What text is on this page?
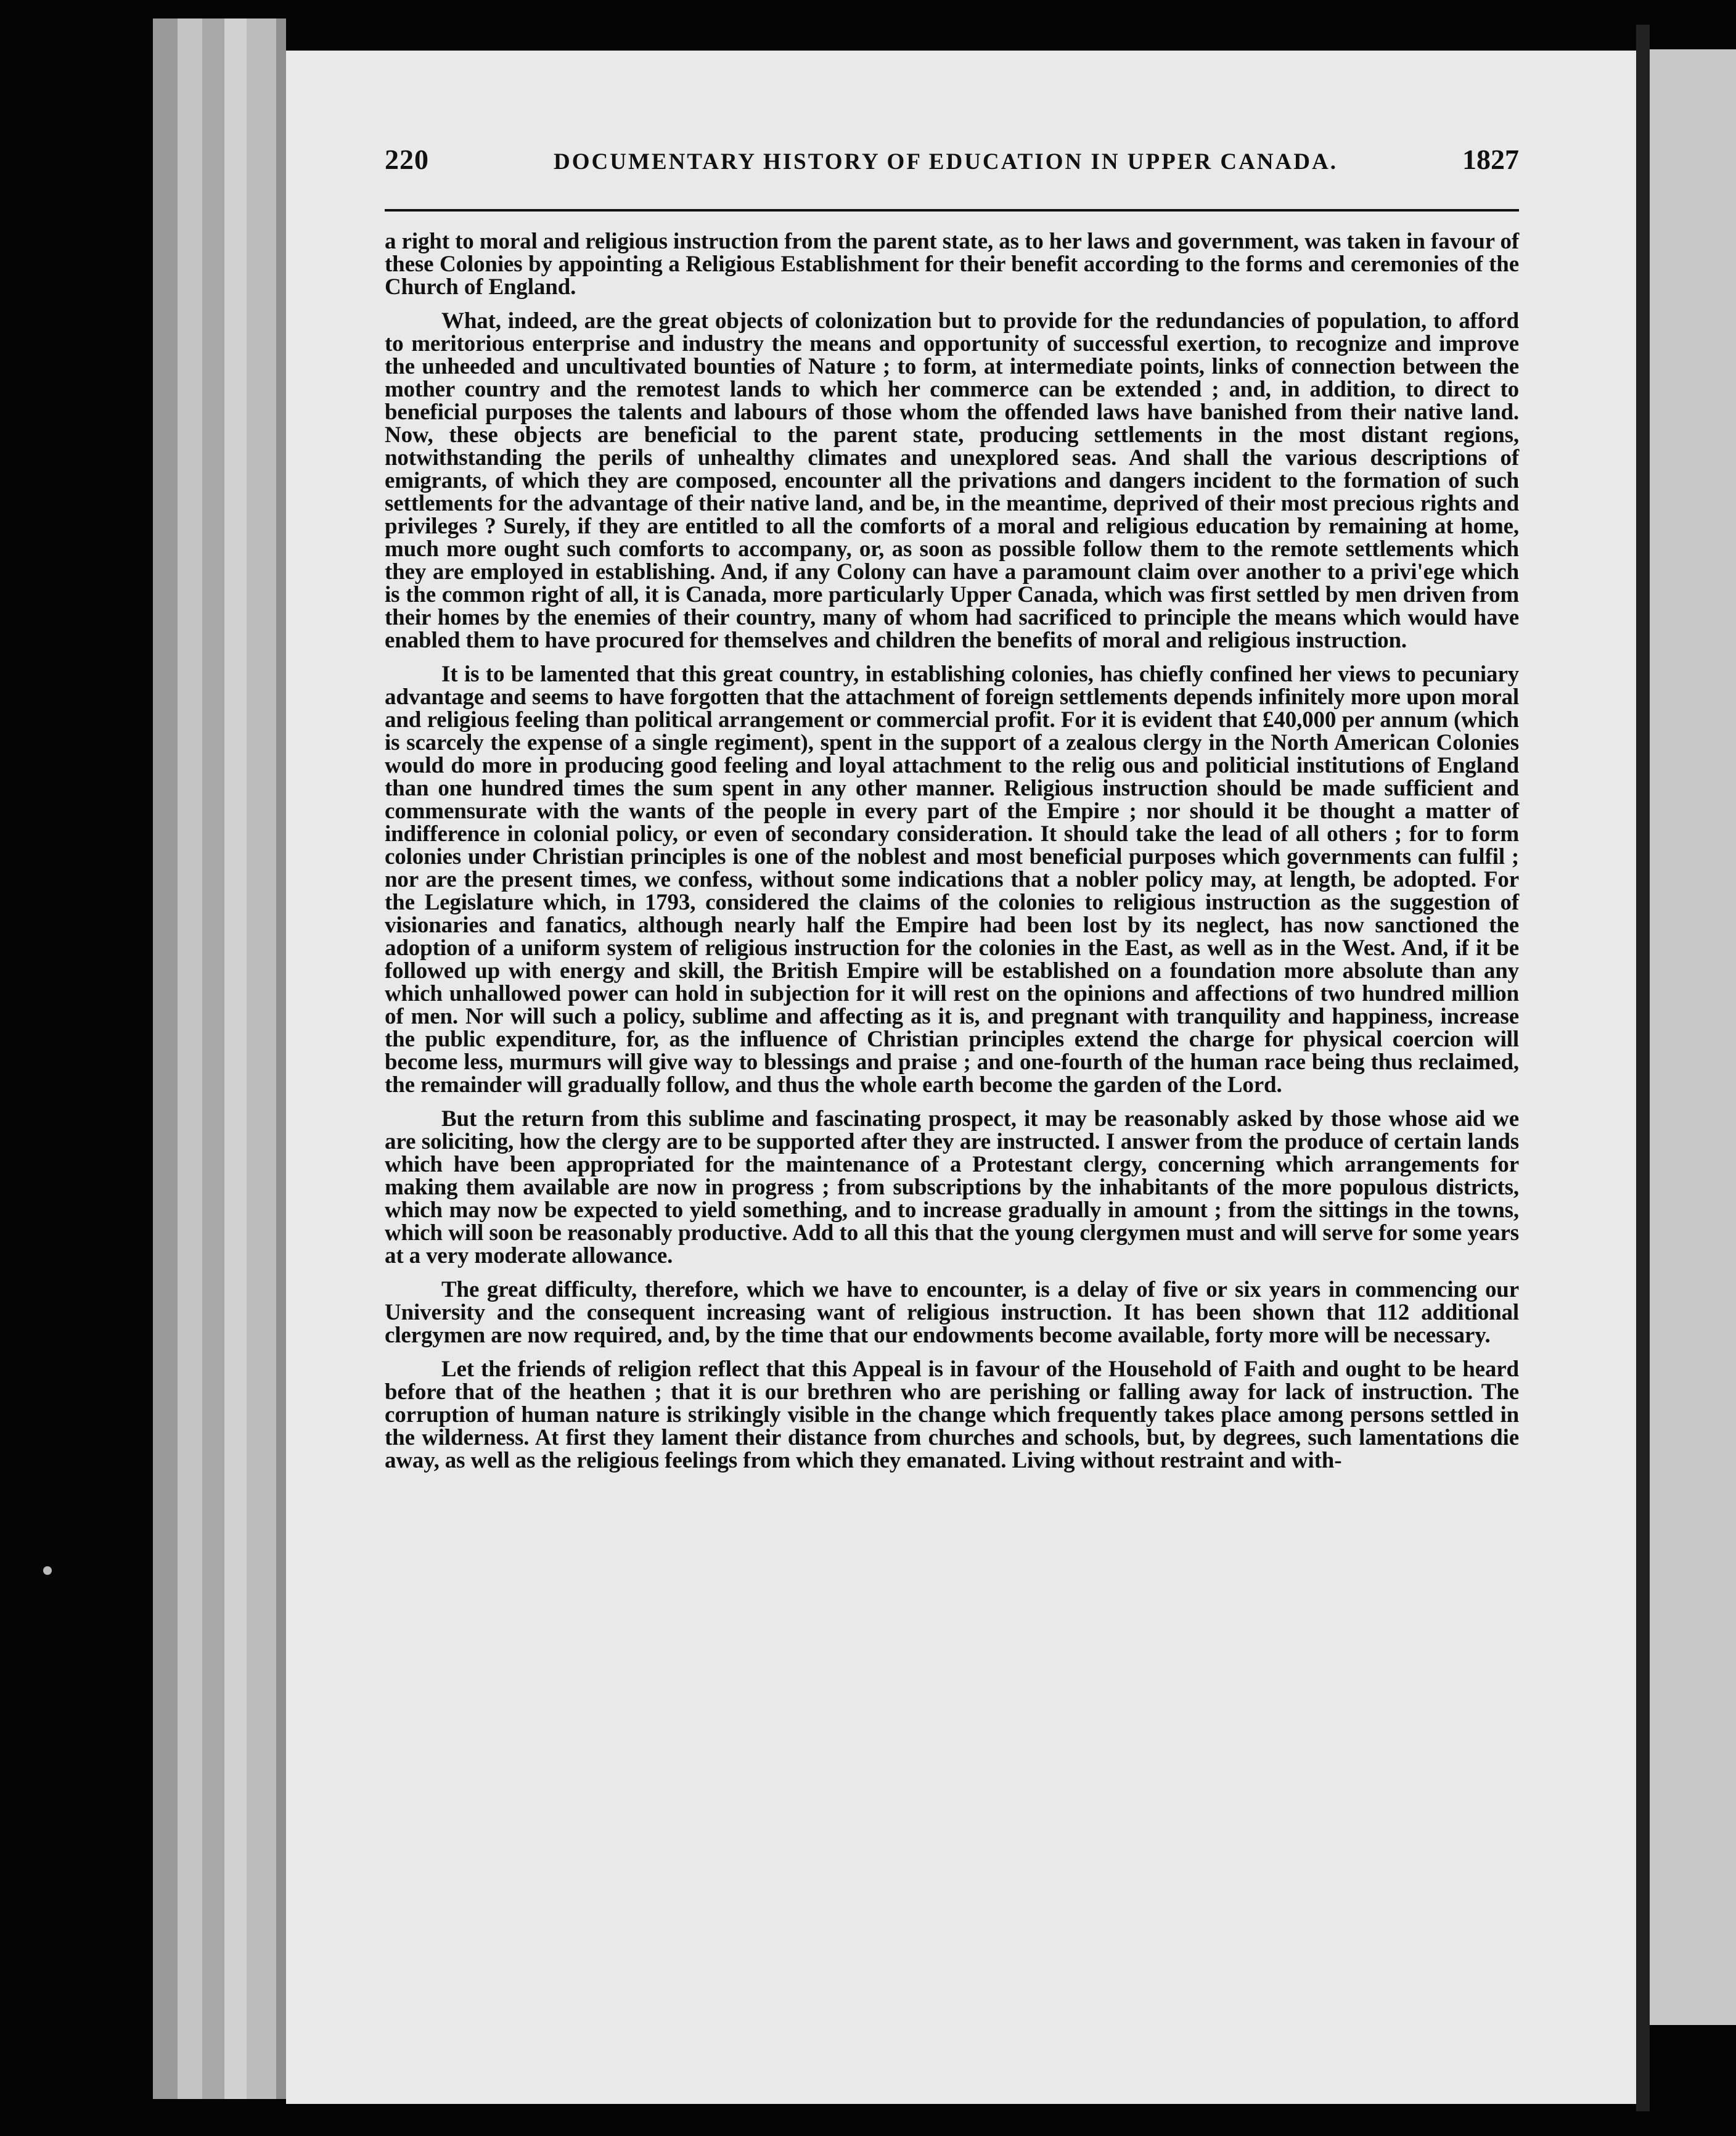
220	DOCUMENTARY HISTORY OF EDUCATION IN UPPER CANADA.	1827

a right to moral and religious instruction from the parent state, as to her laws and government, was taken in favour of these Colonies by appointing a Religious Establishment for their benefit according to the forms and ceremonies of the Church of England.

What, indeed, are the great objects of colonization but to provide for the redundancies of population, to afford to meritorious enterprise and industry the means and opportunity of successful exertion, to recognize and improve the unheeded and uncultivated bounties of Nature ; to form, at intermediate points, links of connection between the mother country and the remotest lands to which her commerce can be extended ; and, in addition, to direct to beneficial purposes the talents and labours of those whom the offended laws have banished from their native land. Now, these objects are beneficial to the parent state, producing settlements in the most distant regions, notwithstanding the perils of unhealthy climates and unexplored seas. And shall the various descriptions of emigrants, of which they are composed, encounter all the privations and dangers incident to the formation of such settlements for the advantage of their native land, and be, in the meantime, deprived of their most precious rights and privileges ? Surely, if they are entitled to all the comforts of a moral and religious education by remaining at home, much more ought such comforts to accompany, or, as soon as possible follow them to the remote settlements which they are employed in establishing. And, if any Colony can have a paramount claim over another to a privi'ege which is the common right of all, it is Canada, more particularly Upper Canada, which was first settled by men driven from their homes by the enemies of their country, many of whom had sacrificed to principle the means which would have enabled them to have procured for themselves and children the benefits of moral and religious instruction.

It is to be lamented that this great country, in establishing colonies, has chiefly confined her views to pecuniary advantage and seems to have forgotten that the attachment of foreign settlements depends infinitely more upon moral and religious feeling than political arrangement or commercial profit. For it is evident that £40,000 per annum (which is scarcely the expense of a single regiment), spent in the support of a zealous clergy in the North American Colonies would do more in producing good feeling and loyal attachment to the relig ous and politicial institutions of England than one hundred times the sum spent in any other manner. Religious instruction should be made sufficient and commensurate with the wants of the people in every part of the Empire ; nor should it be thought a matter of indifference in colonial policy, or even of secondary consideration. It should take the lead of all others ; for to form colonies under Christian principles is one of the noblest and most beneficial purposes which governments can fulfil ; nor are the present times, we confess, without some indications that a nobler policy may, at length, be adopted. For the Legislature which, in 1793, considered the claims of the colonies to religious instruction as the suggestion of visionaries and fanatics, although nearly half the Empire had been lost by its neglect, has now sanctioned the adoption of a uniform system of religious instruction for the colonies in the East, as well as in the West. And, if it be followed up with energy and skill, the British Empire will be established on a foundation more absolute than any which unhallowed power can hold in subjection for it will rest on the opinions and affections of two hundred million of men. Nor will such a policy, sublime and affecting as it is, and pregnant with tranquility and happiness, increase the public expenditure, for, as the influence of Christian principles extend the charge for physical coercion will become less, murmurs will give way to blessings and praise ; and one-fourth of the human race being thus reclaimed, the remainder will gradually follow, and thus the whole earth become the garden of the Lord.

But the return from this sublime and fascinating prospect, it may be reasonably asked by those whose aid we are soliciting, how the clergy are to be supported after they are instructed. I answer from the produce of certain lands which have been appropriated for the maintenance of a Protestant clergy, concerning which arrangements for making them available are now in progress ; from subscriptions by the inhabitants of the more populous districts, which may now be expected to yield something, and to increase gradually in amount ; from the sittings in the towns, which will soon be reasonably productive. Add to all this that the young clergymen must and will serve for some years at a very moderate allowance.

The great difficulty, therefore, which we have to encounter, is a delay of five or six years in commencing our University and the consequent increasing want of religious instruction. It has been shown that 112 additional clergymen are now required, and, by the time that our endowments become available, forty more will be necessary.

Let the friends of religion reflect that this Appeal is in favour of the Household of Faith and ought to be heard before that of the heathen ; that it is our brethren who are perishing or falling away for lack of instruction. The corruption of human nature is strikingly visible in the change which frequently takes place among persons settled in the wilderness. At first they lament their distance from churches and schools, but, by degrees, such lamentations die away, as well as the religious feelings from which they emanated. Living without restraint and with-
